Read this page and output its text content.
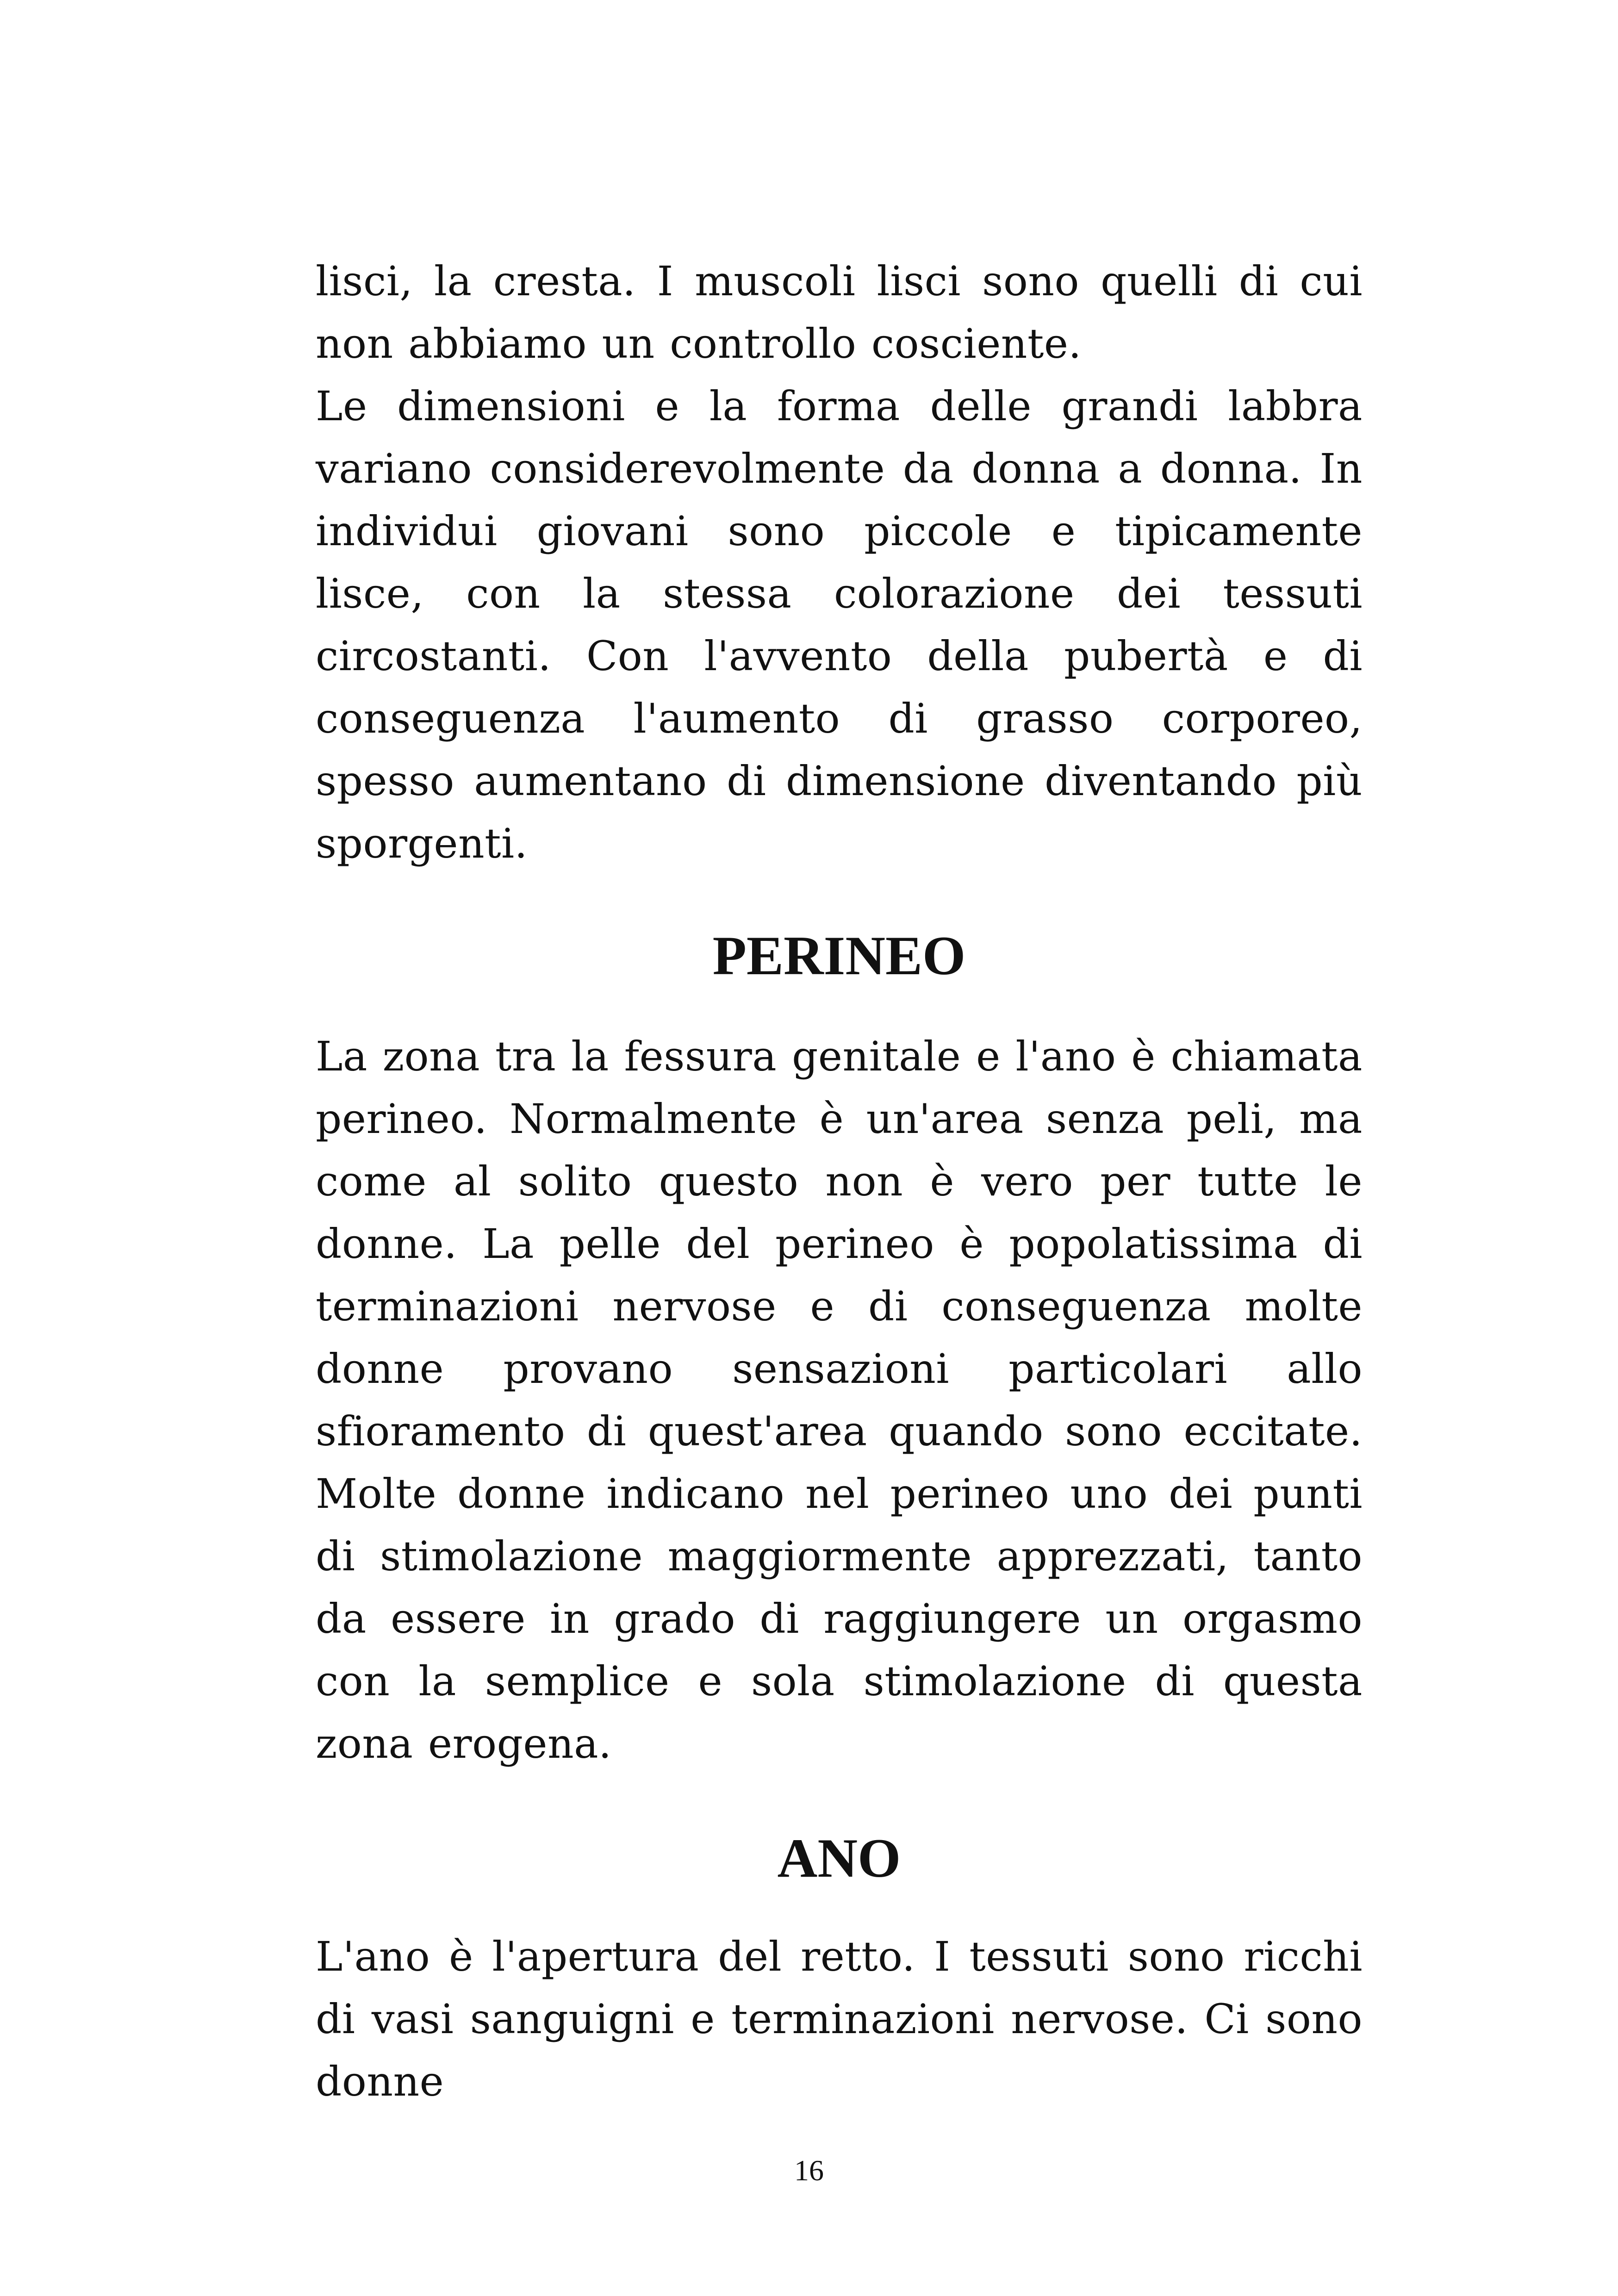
lisci, la cresta. I muscoli lisci sono quelli di cui non abbiamo un controllo cosciente.

Le dimensioni e la forma delle grandi labbra variano considerevolmente da donna a donna. In individui giovani sono piccole e tipicamente lisce, con la stessa colorazione dei tessuti circostanti. Con l'avvento della pubertà e di conseguenza l'aumento di grasso corporeo, spesso aumentano di dimensione diventando più sporgenti.

PERINEO

La zona tra la fessura genitale e l'ano è chiamata perineo. Normalmente è un'area senza peli, ma come al solito questo non è vero per tutte le donne. La pelle del perineo è popolatissima di terminazioni nervose e di conseguenza molte donne provano sensazioni particolari allo sfioramento di quest'area quando sono eccitate. Molte donne indicano nel perineo uno dei punti di stimolazione maggiormente apprezzati, tanto da essere in grado di raggiungere un orgasmo con la semplice e sola stimolazione di questa zona erogena.

ANO

L'ano è l'apertura del retto. I tessuti sono ricchi di vasi sanguigni e terminazioni nervose. Ci sono donne

16
